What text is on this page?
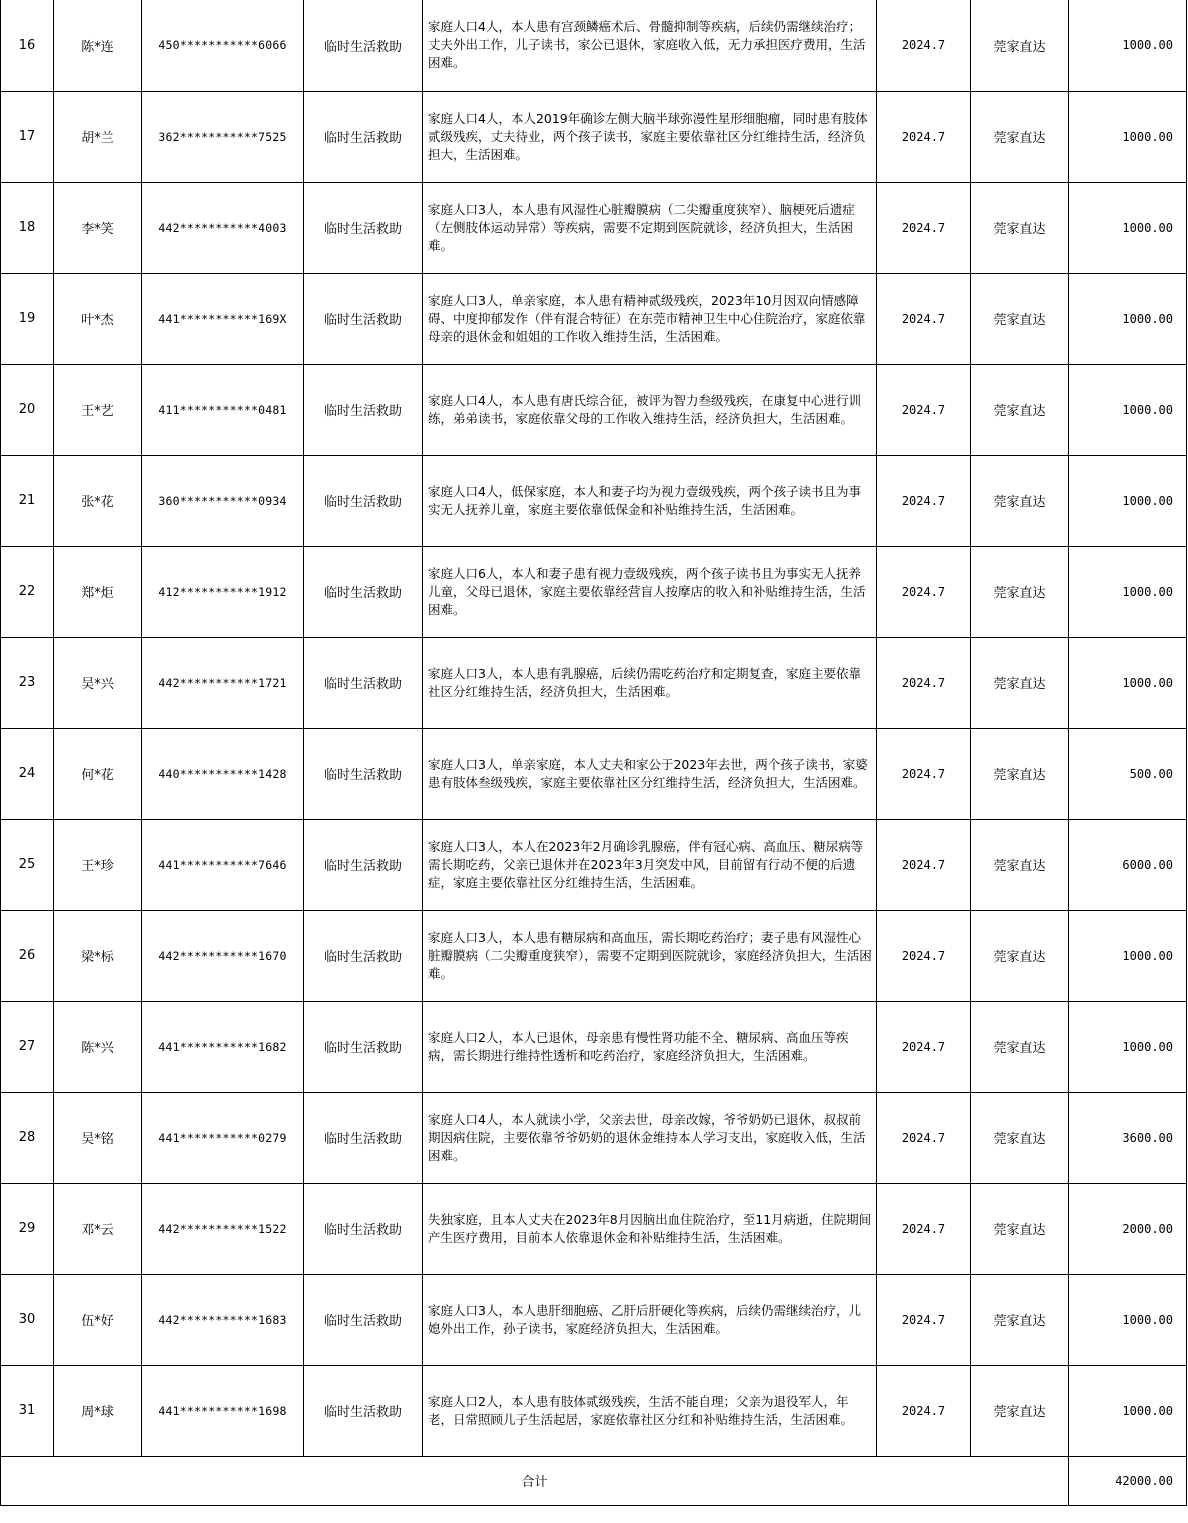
16	陈*连	450***********6066	临时生活救助	家庭人口4人，本人患有宫颈鳞癌术后、骨髓抑制等疾病，后续仍需继续治疗；丈夫外出工作，儿子读书，家公已退休，家庭收入低，无力承担医疗费用，生活困难。	2024.7	莞家直达	1000.00
17	胡*兰	362***********7525	临时生活救助	家庭人口4人，本人2019年确诊左侧大脑半球弥漫性星形细胞瘤，同时患有肢体贰级残疾，丈夫待业，两个孩子读书，家庭主要依靠社区分红维持生活，经济负担大，生活困难。	2024.7	莞家直达	1000.00
18	李*笑	442***********4003	临时生活救助	家庭人口3人，本人患有风湿性心脏瓣膜病（二尖瓣重度狭窄）、脑梗死后遗症（左侧肢体运动异常）等疾病，需要不定期到医院就诊，经济负担大，生活困难。	2024.7	莞家直达	1000.00
19	叶*杰	441***********169X	临时生活救助	家庭人口3人，单亲家庭，本人患有精神贰级残疾，2023年10月因双向情感障碍、中度抑郁发作（伴有混合特征）在东莞市精神卫生中心住院治疗，家庭依靠母亲的退休金和姐姐的工作收入维持生活，生活困难。	2024.7	莞家直达	1000.00
20	王*艺	411***********0481	临时生活救助	家庭人口4人，本人患有唐氏综合征，被评为智力叁级残疾，在康复中心进行训练，弟弟读书，家庭依靠父母的工作收入维持生活，经济负担大，生活困难。	2024.7	莞家直达	1000.00
21	张*花	360***********0934	临时生活救助	家庭人口4人，低保家庭，本人和妻子均为视力壹级残疾，两个孩子读书且为事实无人抚养儿童，家庭主要依靠低保金和补贴维持生活，生活困难。	2024.7	莞家直达	1000.00
22	郑*炬	412***********1912	临时生活救助	家庭人口6人，本人和妻子患有视力壹级残疾，两个孩子读书且为事实无人抚养儿童，父母已退休，家庭主要依靠经营盲人按摩店的收入和补贴维持生活，生活困难。	2024.7	莞家直达	1000.00
23	吴*兴	442***********1721	临时生活救助	家庭人口3人，本人患有乳腺癌，后续仍需吃药治疗和定期复查，家庭主要依靠社区分红维持生活，经济负担大，生活困难。	2024.7	莞家直达	1000.00
24	何*花	440***********1428	临时生活救助	家庭人口3人，单亲家庭，本人丈夫和家公于2023年去世，两个孩子读书，家婆患有肢体叁级残疾，家庭主要依靠社区分红维持生活，经济负担大，生活困难。	2024.7	莞家直达	500.00
25	王*珍	441***********7646	临时生活救助	家庭人口3人，本人在2023年2月确诊乳腺癌，伴有冠心病、高血压、糖尿病等需长期吃药，父亲已退休并在2023年3月突发中风，目前留有行动不便的后遗症，家庭主要依靠社区分红维持生活，生活困难。	2024.7	莞家直达	6000.00
26	梁*标	442***********1670	临时生活救助	家庭人口3人，本人患有糖尿病和高血压，需长期吃药治疗；妻子患有风湿性心脏瓣膜病（二尖瓣重度狭窄），需要不定期到医院就诊，家庭经济负担大，生活困难。	2024.7	莞家直达	1000.00
27	陈*兴	441***********1682	临时生活救助	家庭人口2人，本人已退休，母亲患有慢性肾功能不全、糖尿病、高血压等疾病，需长期进行维持性透析和吃药治疗，家庭经济负担大，生活困难。	2024.7	莞家直达	1000.00
28	吴*铭	441***********0279	临时生活救助	家庭人口4人，本人就读小学，父亲去世，母亲改嫁，爷爷奶奶已退休，叔叔前期因病住院，主要依靠爷爷奶奶的退休金维持本人学习支出，家庭收入低，生活困难。	2024.7	莞家直达	3600.00
29	邓*云	442***********1522	临时生活救助	失独家庭，且本人丈夫在2023年8月因脑出血住院治疗，至11月病逝，住院期间产生医疗费用，目前本人依靠退休金和补贴维持生活，生活困难。	2024.7	莞家直达	2000.00
30	伍*好	442***********1683	临时生活救助	家庭人口3人，本人患肝细胞癌、乙肝后肝硬化等疾病，后续仍需继续治疗，儿媳外出工作，孙子读书，家庭经济负担大，生活困难。	2024.7	莞家直达	1000.00
31	周*球	441***********1698	临时生活救助	家庭人口2人，本人患有肢体贰级残疾，生活不能自理；父亲为退役军人，年老，日常照顾儿子生活起居，家庭依靠社区分红和补贴维持生活，生活困难。	2024.7	莞家直达	1000.00
合计							42000.00
